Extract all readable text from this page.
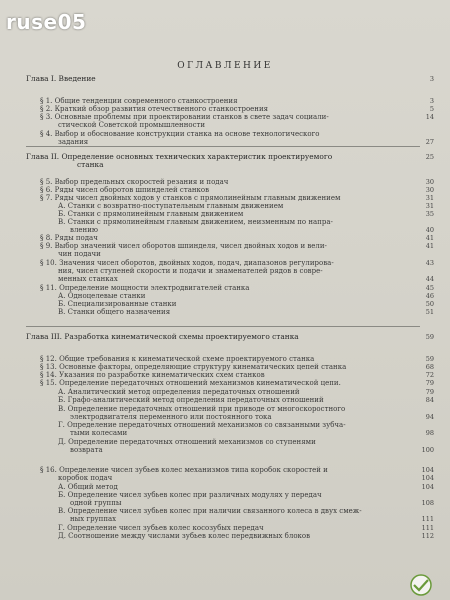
ruse05
ОГЛАВЛЕНИЕ
Глава I. Введение	3
§ 1. Общие тенденции современного станкостроения	3
§ 2. Краткий обзор развития отечественного станкостроения	5
§ 3. Основные проблемы при проектировании станков в свете задач социали-	14
стической Советской промышленности
§ 4. Выбор и обоснование конструкции станка на основе технологического
задания	27
Глава II. Определение основных технических характеристик проектируемого	25
станка
§ 5. Выбор предельных скоростей резания и подач	30
§ 6. Ряды чисел оборотов шпинделей станков	30
§ 7. Ряды чисел двойных ходов у станков с прямолинейным главным движением	31
А. Станки с возвратно-поступательным главным движением	31
Б. Станки с прямолинейным главным движением	35
В. Станки с прямолинейным главным движением, неизменным по напра-
влению	40
§ 8. Ряды подач	41
§ 9. Выбор значений чисел оборотов шпинделя, чисел двойных ходов и вели-	41
чин подачи
§ 10. Значения чисел оборотов, двойных ходов, подач, диапазонов регулирова-	43
ния, чисел ступеней скорости и подачи и знаменателей рядов в совре-
менных станках	44
§ 11. Определение мощности электродвигателей станка	45
А. Одноцелевые станки	46
Б. Специализированные станки	50
В. Станки общего назначения	51
Глава III. Разработка кинематической схемы проектируемого станка	59
§ 12. Общие требования к кинематической схеме проектируемого станка	59
§ 13. Основные факторы, определяющие структуру кинематических цепей станка	68
§ 14. Указания по разработке кинематических схем станков	72
§ 15. Определение передаточных отношений механизмов кинематической цепи.	79
А. Аналитический метод определения передаточных отношений	79
Б. Графо-аналитический метод определения передаточных отношений	84
В. Определение передаточных отношений при приводе от многоскоростного
электродвигателя переменного или постоянного тока	94
Г. Определение передаточных отношений механизмов со связанными зубча-
тыми колесами	98
Д. Определение передаточных отношений механизмов со ступенями
возврата	100
§ 16. Определение чисел зубьев колес механизмов типа коробок скоростей и	104
коробок подач	104
А. Общий метод	104
Б. Определение чисел зубьев колес при различных модулях у передач
одной группы	108
В. Определение чисел зубьев колес при наличии связанного колеса в двух смеж-
ных группах	111
Г. Определение чисел зубьев колес косозубых передач	111
Д. Соотношение между числами зубьев колес передвижных блоков	112
